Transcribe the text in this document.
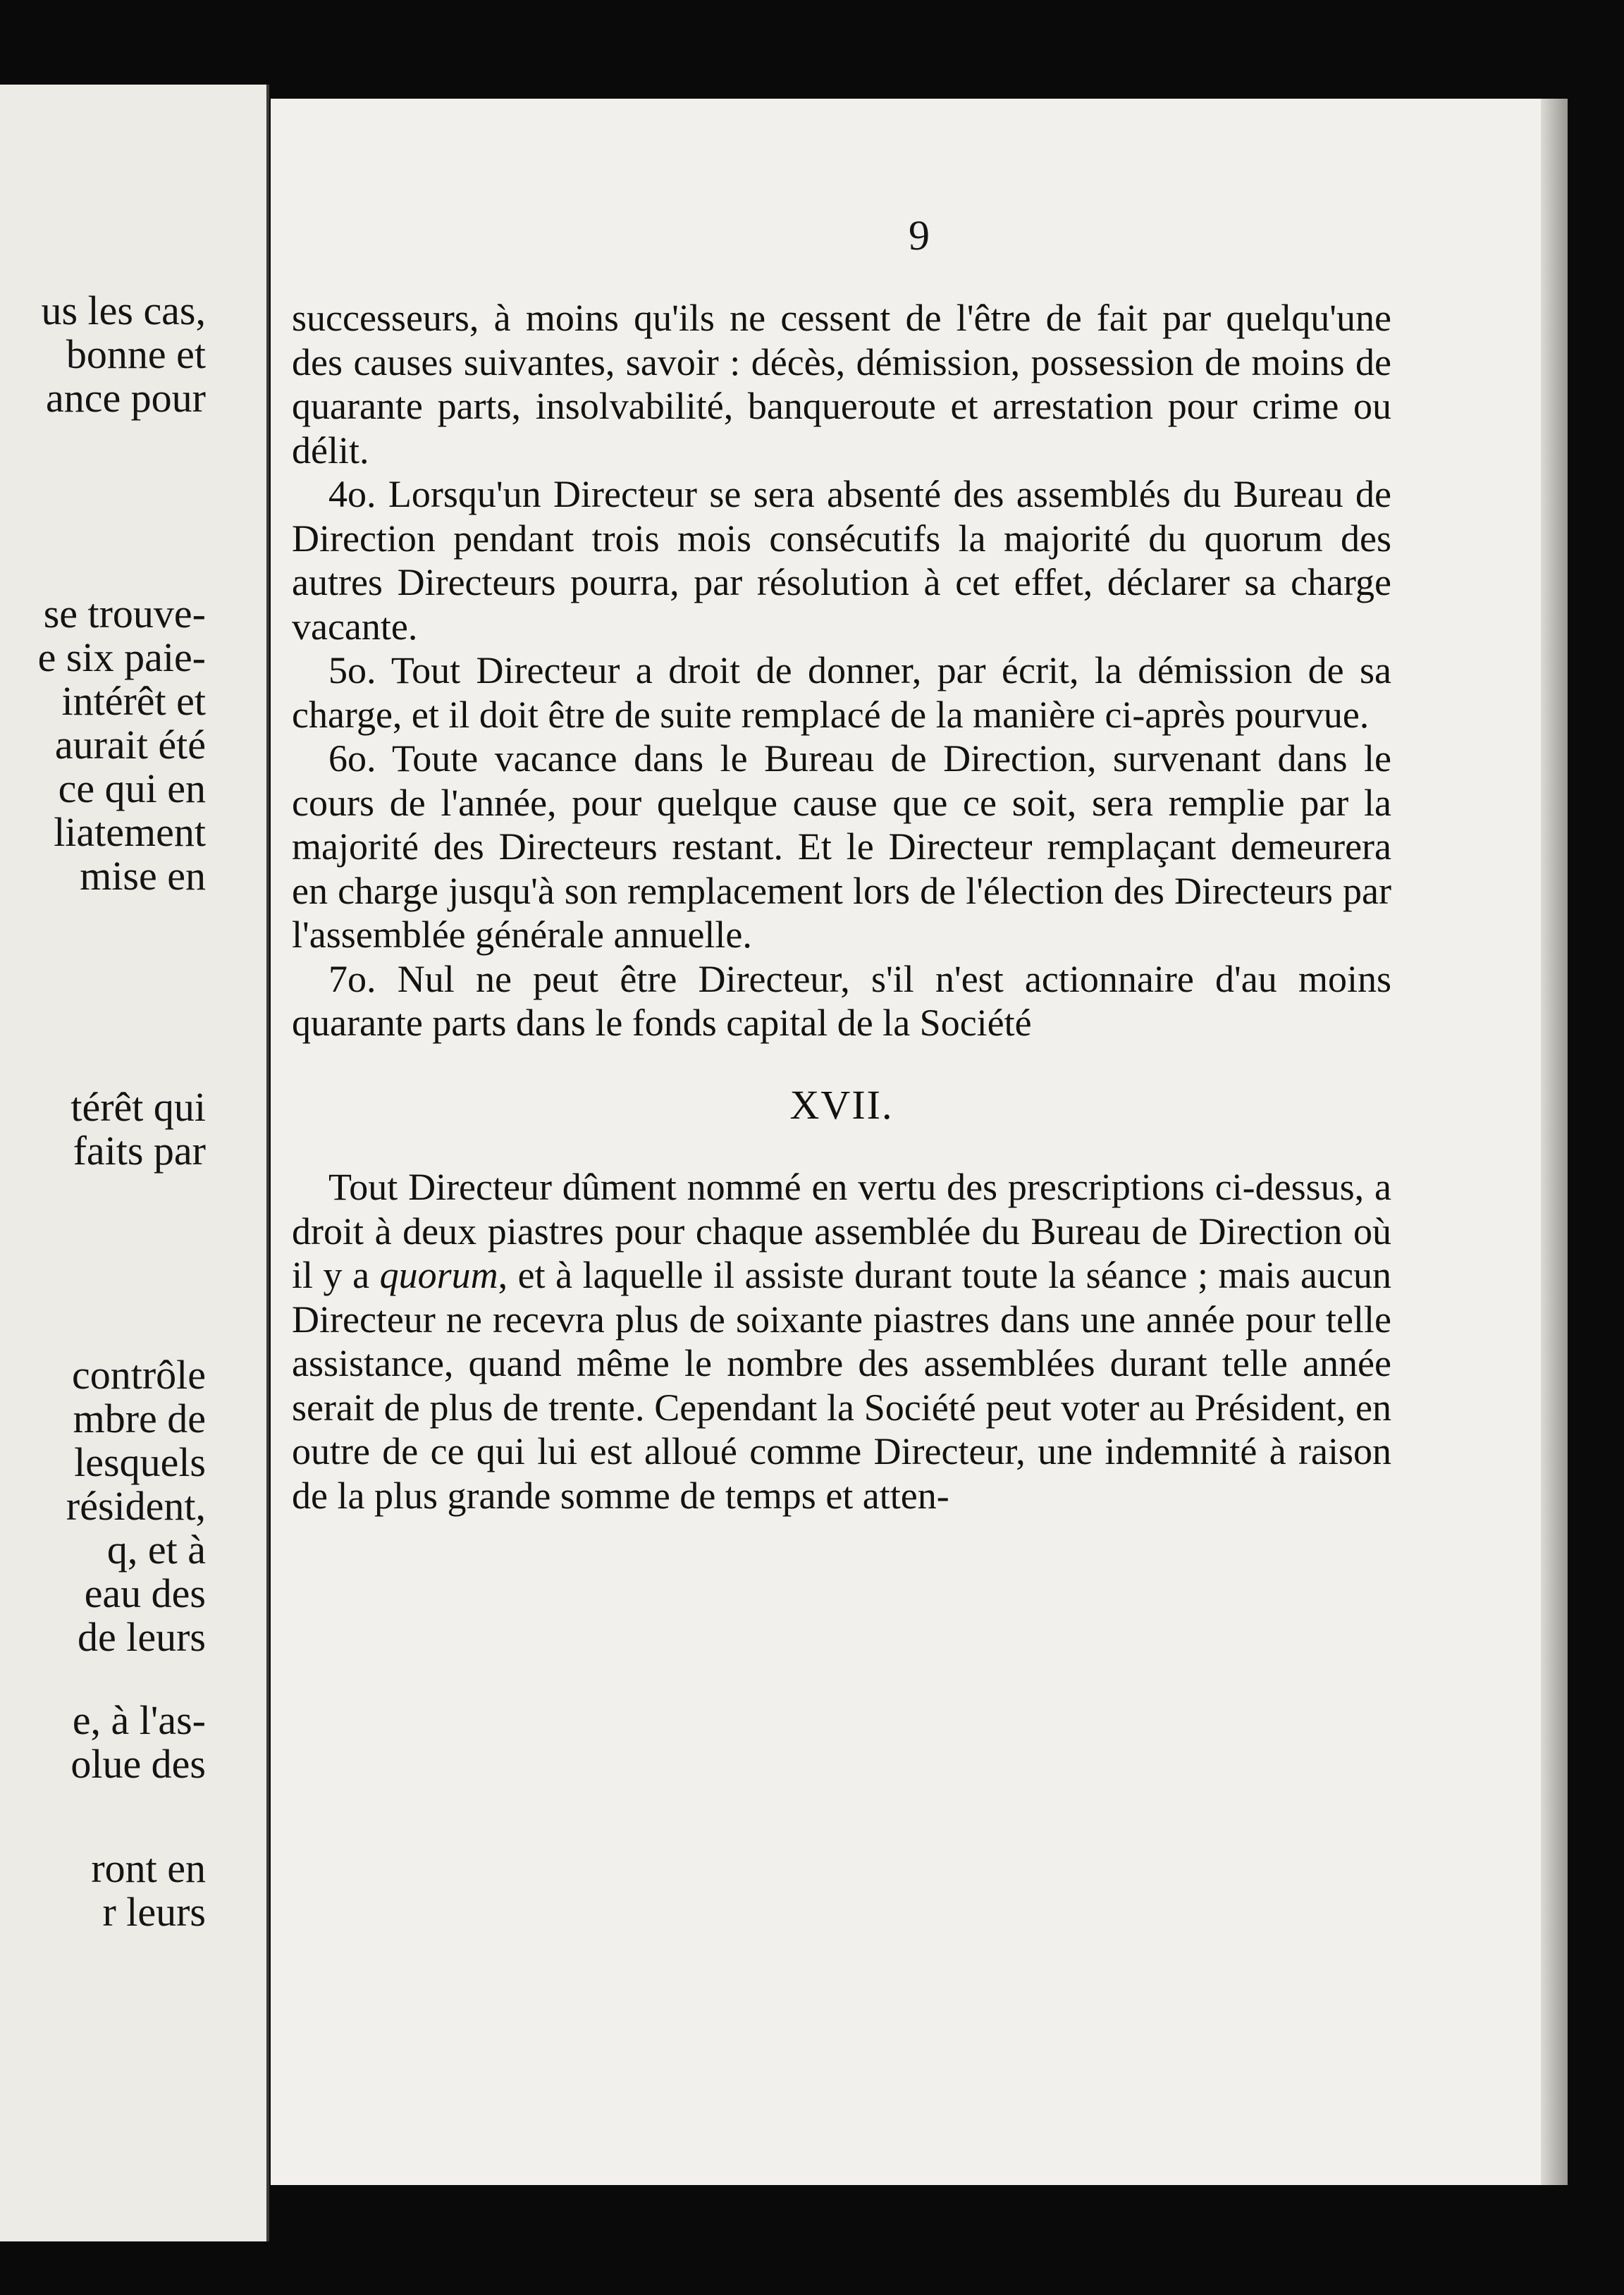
us les cas,
bonne et
ance pour
se trouve-
e six paie-
intérêt et
aurait été
ce qui en
liatement
mise en
térêt qui
faits par
contrôle
mbre de
lesquels
résident,
q, et à
eau des
de leurs
e, à l'as-
olue des
ront en
r leurs
9

successeurs, à moins qu'ils ne cessent de l'être de fait par quelqu'une des causes suivantes, savoir : décès, démission, possession de moins de quarante parts, insolvabilité, banqueroute et arrestation pour crime ou délit.

4o. Lorsqu'un Directeur se sera absenté des assemblés du Bureau de Direction pendant trois mois consécutifs la majorité du quorum des autres Directeurs pourra, par résolution à cet effet, déclarer sa charge vacante.

5o. Tout Directeur a droit de donner, par écrit, la démission de sa charge, et il doit être de suite remplacé de la manière ci-après pourvue.

6o. Toute vacance dans le Bureau de Direction, survenant dans le cours de l'année, pour quelque cause que ce soit, sera remplie par la majorité des Directeurs restant. Et le Directeur remplaçant demeurera en charge jusqu'à son remplacement lors de l'élection des Directeurs par l'assemblée générale annuelle.

7o. Nul ne peut être Directeur, s'il n'est actionnaire d'au moins quarante parts dans le fonds capital de la Société

XVII.

Tout Directeur dûment nommé en vertu des prescriptions ci-dessus, a droit à deux piastres pour chaque assemblée du Bureau de Direction où il y a quorum, et à laquelle il assiste durant toute la séance ; mais aucun Directeur ne recevra plus de soixante piastres dans une année pour telle assistance, quand même le nombre des assemblées durant telle année serait de plus de trente. Cependant la Société peut voter au Président, en outre de ce qui lui est alloué comme Directeur, une indemnité à raison de la plus grande somme de temps et atten-
